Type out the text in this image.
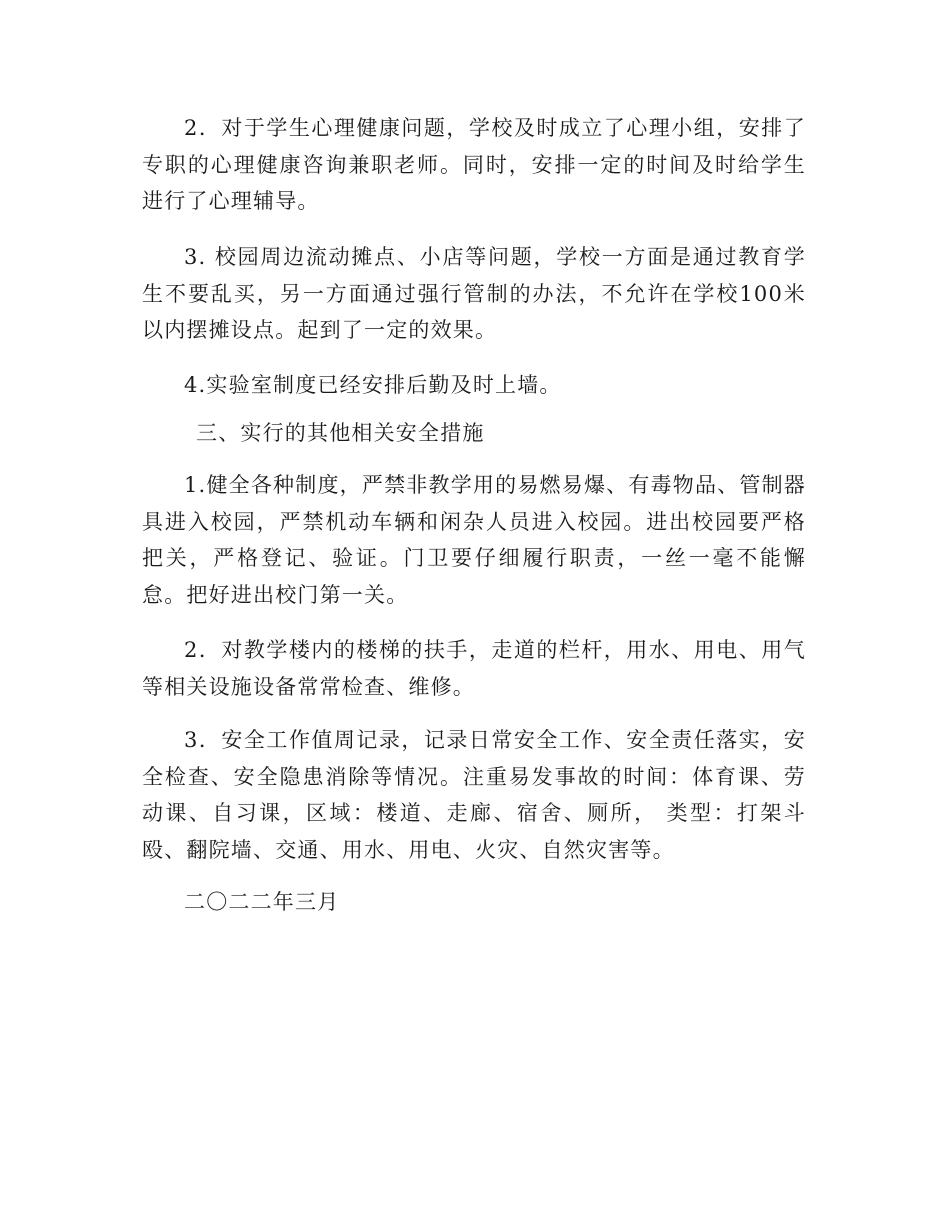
2．对于学生心理健康问题，学校及时成立了心理小组，安排了专职的心理健康咨询兼职老师。同时，安排一定的时间及时给学生进行了心理辅导。

3. 校园周边流动摊点、小店等问题，学校一方面是通过教育学生不要乱买，另一方面通过强行管制的办法，不允许在学校100米以内摆摊设点。起到了一定的效果。

4.实验室制度已经安排后勤及时上墙。

三、实行的其他相关安全措施

1.健全各种制度，严禁非教学用的易燃易爆、有毒物品、管制器具进入校园，严禁机动车辆和闲杂人员进入校园。进出校园要严格把关，严格登记、验证。门卫要仔细履行职责，一丝一毫不能懈怠。把好进出校门第一关。

2．对教学楼内的楼梯的扶手，走道的栏杆，用水、用电、用气等相关设施设备常常检查、维修。

3．安全工作值周记录，记录日常安全工作、安全责任落实，安全检查、安全隐患消除等情况。注重易发事故的时间：体育课、劳动课、自习课，区域：楼道、走廊、宿舍、厕所， 类型：打架斗殴、翻院墙、交通、用水、用电、火灾、自然灾害等。

二〇二二年三月
